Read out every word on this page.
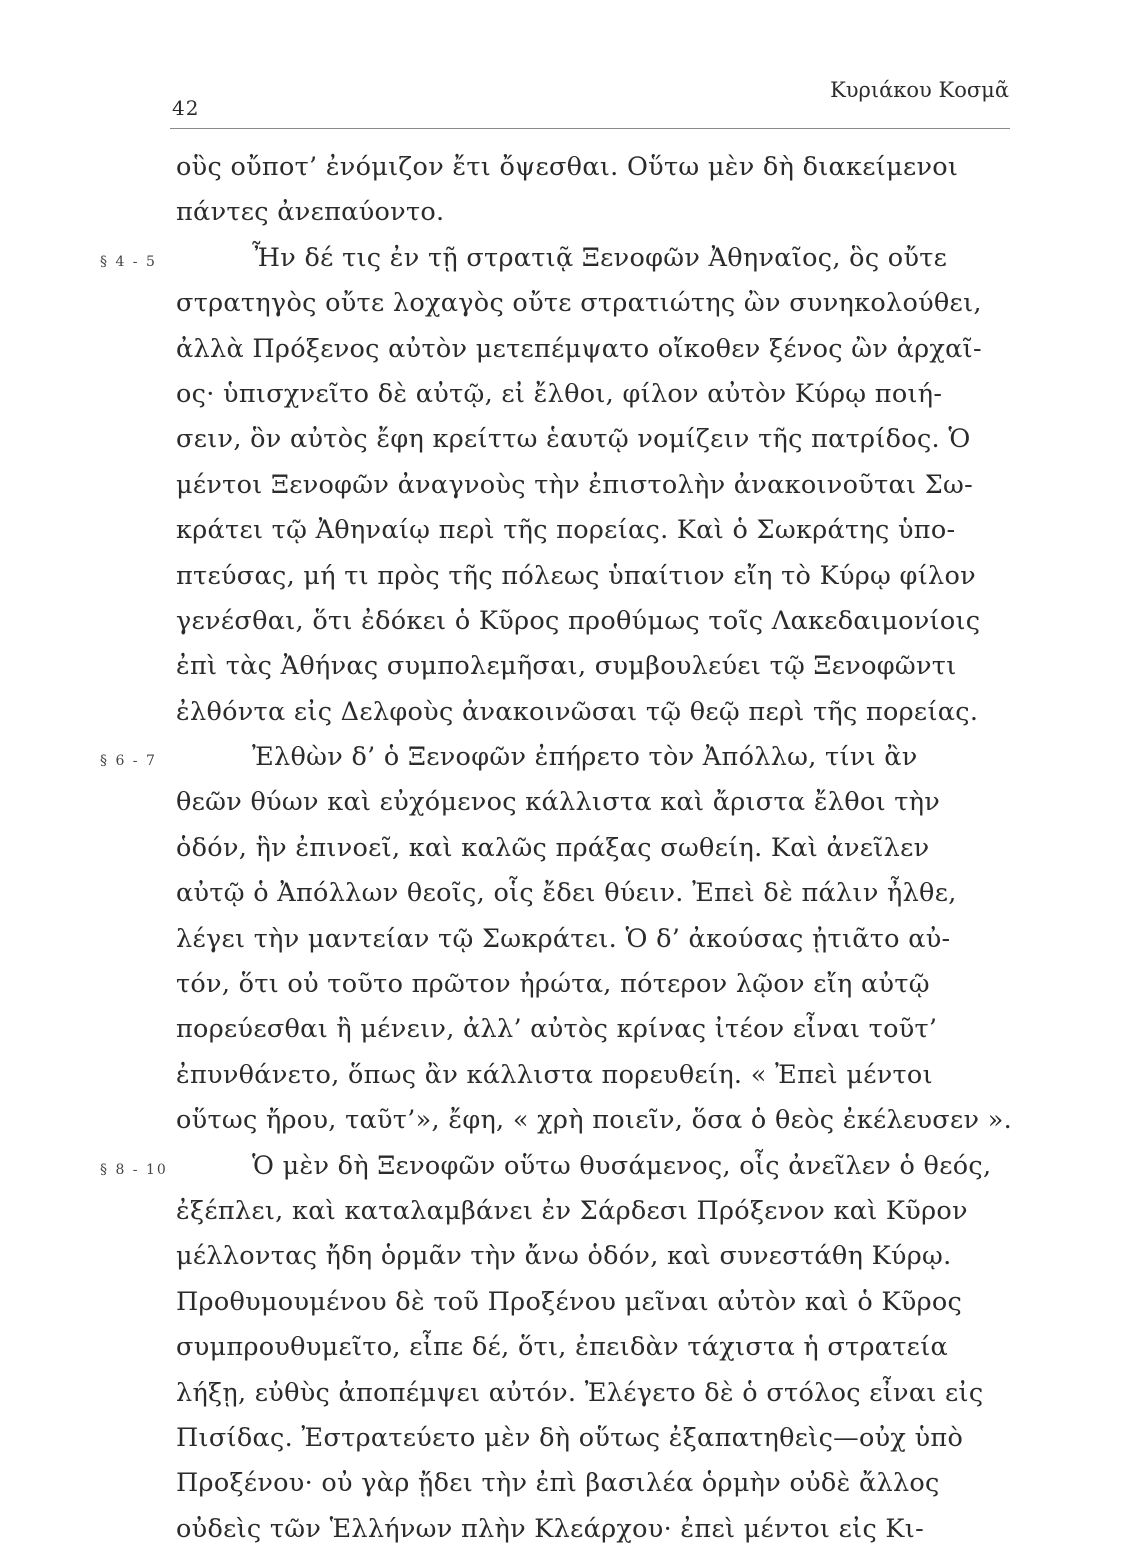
42
Κυριάκου Κοσμᾶ
οὓς οὔποτ’ ἐνόμιζον ἔτι ὄψεσθαι. Οὕτω μὲν δὴ διακείμενοι
πάντες ἀνεπαύοντο.
§ 4 - 5	Ἦν δέ τις ἐν τῇ στρατιᾷ Ξενοφῶν Ἀθηναῖος, ὃς οὔτε
στρατηγὸς οὔτε λοχαγὸς οὔτε στρατιώτης ὢν συνηκολούθει,
ἀλλὰ Πρόξενος αὐτὸν μετεπέμψατο οἴκοθεν ξένος ὢν ἀρχαῖ-
ος· ὑπισχνεῖτο δὲ αὐτῷ, εἰ ἔλθοι, φίλον αὐτὸν Κύρῳ ποιή-
σειν, ὃν αὐτὸς ἔφη κρείττω ἑαυτῷ νομίζειν τῆς πατρίδος. Ὁ
μέντοι Ξενοφῶν ἀναγνοὺς τὴν ἐπιστολὴν ἀνακοινοῦται Σω-
κράτει τῷ Ἀθηναίῳ περὶ τῆς πορείας. Καὶ ὁ Σωκράτης ὑπο-
πτεύσας, μή τι πρὸς τῆς πόλεως ὑπαίτιον εἴη τὸ Κύρῳ φίλον
γενέσθαι, ὅτι ἐδόκει ὁ Κῦρος προθύμως τοῖς Λακεδαιμονίοις
ἐπὶ τὰς Ἀθήνας συμπολεμῆσαι, συμβουλεύει τῷ Ξενοφῶντι
ἐλθόντα εἰς Δελφοὺς ἀνακοινῶσαι τῷ θεῷ περὶ τῆς πορείας.
§ 6 - 7	Ἐλθὼν δ’ ὁ Ξενοφῶν ἐπήρετο τὸν Ἀπόλλω, τίνι ἂν
θεῶν θύων καὶ εὐχόμενος κάλλιστα καὶ ἄριστα ἔλθοι τὴν
ὁδόν, ἣν ἐπινοεῖ, καὶ καλῶς πράξας σωθείη. Καὶ ἀνεῖλεν
αὐτῷ ὁ Ἀπόλλων θεοῖς, οἷς ἔδει θύειν. Ἐπεὶ δὲ πάλιν ἦλθε,
λέγει τὴν μαντείαν τῷ Σωκράτει. Ὁ δ’ ἀκούσας ᾐτιᾶτο αὐ-
τόν, ὅτι οὐ τοῦτο πρῶτον ἠρώτα, πότερον λῷον εἴη αὐτῷ
πορεύεσθαι ἢ μένειν, ἀλλ’ αὐτὸς κρίνας ἰτέον εἶναι τοῦτ’
ἐπυνθάνετο, ὅπως ἂν κάλλιστα πορευθείη. « Ἐπεὶ μέντοι
οὕτως ἤρου, ταῦτ’», ἔφη, « χρὴ ποιεῖν, ὅσα ὁ θεὸς ἐκέλευσεν ».
§ 8 - 10	Ὁ μὲν δὴ Ξενοφῶν οὕτω θυσάμενος, οἷς ἀνεῖλεν ὁ θεός,
ἐξέπλει, καὶ καταλαμβάνει ἐν Σάρδεσι Πρόξενον καὶ Κῦρον
μέλλοντας ἤδη ὁρμᾶν τὴν ἄνω ὁδόν, καὶ συνεστάθη Κύρῳ.
Προθυμουμένου δὲ τοῦ Προξένου μεῖναι αὐτὸν καὶ ὁ Κῦρος
συμπρουθυμεῖτο, εἶπε δέ, ὅτι, ἐπειδὰν τάχιστα ἡ στρατεία
λήξῃ, εὐθὺς ἀποπέμψει αὐτόν. Ἐλέγετο δὲ ὁ στόλος εἶναι εἰς
Πισίδας. Ἐστρατεύετο μὲν δὴ οὕτως ἐξαπατηθεὶς—οὐχ ὑπὸ
Προξένου· οὐ γὰρ ᾔδει τὴν ἐπὶ βασιλέα ὁρμὴν οὐδὲ ἄλλος
οὐδεὶς τῶν Ἑλλήνων πλὴν Κλεάρχου· ἐπεὶ μέντοι εἰς Κι-
